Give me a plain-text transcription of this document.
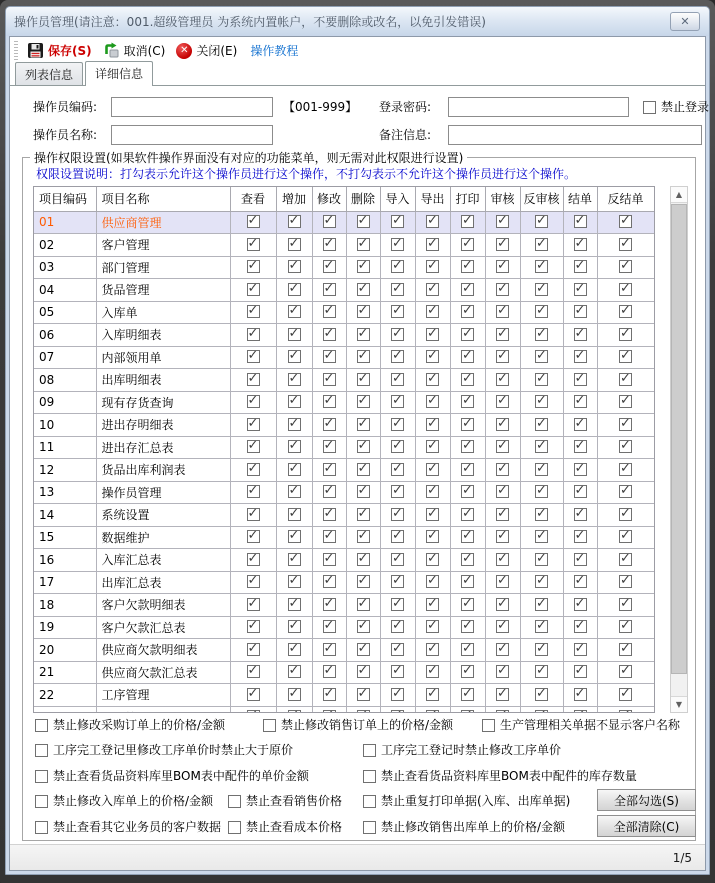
操作员管理(请注意：001.超级管理员 为系统内置帐户，不要删除或改名，以免引发错误)	✕
保存(S)	取消(C)	✕ 关闭(E) 操作教程
列表信息	详细信息
操作员编码:	【001-999】 登录密码:	禁止登录
操作员名称:	备注信息:
操作权限设置(如果软件操作界面没有对应的功能菜单，则无需对此权限进行设置)
权限设置说明：打勾表示允许这个操作员进行这个操作，不打勾表示不允许这个操作员进行这个操作。
项目编码	项目名称	查看	增加	修改	删除	导入	导出	打印	审核	反审核	结单	反结单
01	供应商管理	✓	✓	✓	✓	✓	✓	✓	✓	✓	✓	✓
02	客户管理	✓	✓	✓	✓	✓	✓	✓	✓	✓	✓	✓
03	部门管理	✓	✓	✓	✓	✓	✓	✓	✓	✓	✓	✓
04	货品管理	✓	✓	✓	✓	✓	✓	✓	✓	✓	✓	✓
05	入库单	✓	✓	✓	✓	✓	✓	✓	✓	✓	✓	✓
06	入库明细表	✓	✓	✓	✓	✓	✓	✓	✓	✓	✓	✓
07	内部领用单	✓	✓	✓	✓	✓	✓	✓	✓	✓	✓	✓
08	出库明细表	✓	✓	✓	✓	✓	✓	✓	✓	✓	✓	✓
09	现有存货查询	✓	✓	✓	✓	✓	✓	✓	✓	✓	✓	✓
10	进出存明细表	✓	✓	✓	✓	✓	✓	✓	✓	✓	✓	✓
11	进出存汇总表	✓	✓	✓	✓	✓	✓	✓	✓	✓	✓	✓
12	货品出库利润表	✓	✓	✓	✓	✓	✓	✓	✓	✓	✓	✓
13	操作员管理	✓	✓	✓	✓	✓	✓	✓	✓	✓	✓	✓
14	系统设置	✓	✓	✓	✓	✓	✓	✓	✓	✓	✓	✓
15	数据维护	✓	✓	✓	✓	✓	✓	✓	✓	✓	✓	✓
16	入库汇总表	✓	✓	✓	✓	✓	✓	✓	✓	✓	✓	✓
17	出库汇总表	✓	✓	✓	✓	✓	✓	✓	✓	✓	✓	✓
18	客户欠款明细表	✓	✓	✓	✓	✓	✓	✓	✓	✓	✓	✓
19	客户欠款汇总表	✓	✓	✓	✓	✓	✓	✓	✓	✓	✓	✓
20	供应商欠款明细表	✓	✓	✓	✓	✓	✓	✓	✓	✓	✓	✓
21	供应商欠款汇总表	✓	✓	✓	✓	✓	✓	✓	✓	✓	✓	✓
22	工序管理	✓	✓	✓	✓	✓	✓	✓	✓	✓	✓	✓
		✓	✓	✓	✓	✓	✓	✓	✓	✓	✓	✓
▲
▼
禁止修改采购订单上的价格/金额	禁止修改销售订单上的价格/金额	生产管理相关单据不显示客户名称
工序完工登记里修改工序单价时禁止大于原价	工序完工登记时禁止修改工序单价
禁止查看货品资料库里BOM表中配件的单价金额	禁止查看货品资料库里BOM表中配件的库存数量
禁止修改入库单上的价格/金额	禁止查看销售价格	禁止重复打印单据(入库、出库单据)
禁止查看其它业务员的客户数据 禁止查看成本价格	禁止修改销售出库单上的价格/金额
全部勾选(S)
全部清除(C)
1/5
